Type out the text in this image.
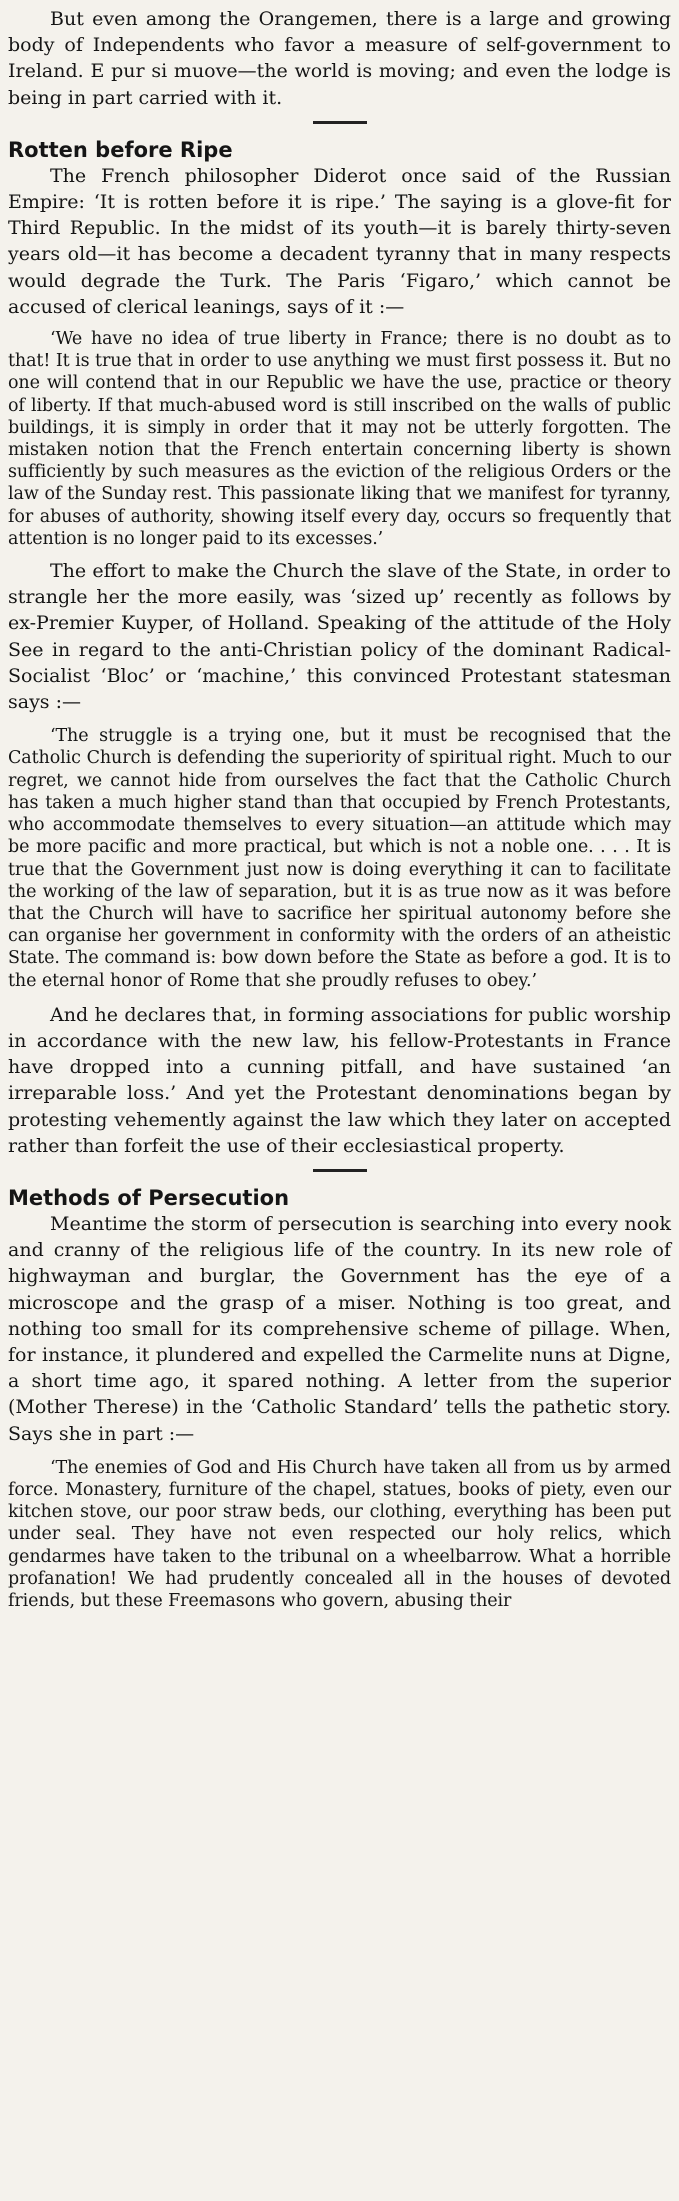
But even among the Orangemen, there is a large and growing body of Independents who favor a measure of self-government to Ireland. E pur si muove—the world is moving; and even the lodge is being in part carried with it.

Rotten before Ripe

The French philosopher Diderot once said of the Russian Empire: ‘It is rotten before it is ripe.’ The saying is a glove-fit for Third Republic. In the midst of its youth—it is barely thirty-seven years old—it has become a decadent tyranny that in many respects would degrade the Turk. The Paris ‘Figaro,’ which cannot be accused of clerical leanings, says of it :—

‘We have no idea of true liberty in France; there is no doubt as to that! It is true that in order to use anything we must first possess it. But no one will contend that in our Republic we have the use, practice or theory of liberty. If that much-abused word is still inscribed on the walls of public buildings, it is simply in order that it may not be utterly forgotten. The mistaken notion that the French entertain concerning liberty is shown sufficiently by such measures as the eviction of the religious Orders or the law of the Sunday rest. This passionate liking that we manifest for tyranny, for abuses of authority, showing itself every day, occurs so frequently that attention is no longer paid to its excesses.’

The effort to make the Church the slave of the State, in order to strangle her the more easily, was ‘sized up’ recently as follows by ex-Premier Kuyper, of Holland. Speaking of the attitude of the Holy See in regard to the anti-Christian policy of the dominant Radical-Socialist ‘Bloc’ or ‘machine,’ this convinced Protestant statesman says :—

‘The struggle is a trying one, but it must be recognised that the Catholic Church is defending the superiority of spiritual right. Much to our regret, we cannot hide from ourselves the fact that the Catholic Church has taken a much higher stand than that occupied by French Protestants, who accommodate themselves to every situation—an attitude which may be more pacific and more practical, but which is not a noble one. . . . It is true that the Government just now is doing everything it can to facilitate the working of the law of separation, but it is as true now as it was before that the Church will have to sacrifice her spiritual autonomy before she can organise her government in conformity with the orders of an atheistic State. The command is: bow down before the State as before a god. It is to the eternal honor of Rome that she proudly refuses to obey.’

And he declares that, in forming associations for public worship in accordance with the new law, his fellow-Protestants in France have dropped into a cunning pitfall, and have sustained ‘an irreparable loss.’ And yet the Protestant denominations began by protesting vehemently against the law which they later on accepted rather than forfeit the use of their ecclesiastical property.

Methods of Persecution

Meantime the storm of persecution is searching into every nook and cranny of the religious life of the country. In its new role of highwayman and burglar, the Government has the eye of a microscope and the grasp of a miser. Nothing is too great, and nothing too small for its comprehensive scheme of pillage. When, for instance, it plundered and expelled the Carmelite nuns at Digne, a short time ago, it spared nothing. A letter from the superior (Mother Therese) in the ‘Catholic Standard’ tells the pathetic story. Says she in part :—

‘The enemies of God and His Church have taken all from us by armed force. Monastery, furniture of the chapel, statues, books of piety, even our kitchen stove, our poor straw beds, our clothing, everything has been put under seal. They have not even respected our holy relics, which gendarmes have taken to the tribunal on a wheelbarrow. What a horrible profanation! We had prudently concealed all in the houses of devoted friends, but these Freemasons who govern, abusing their
